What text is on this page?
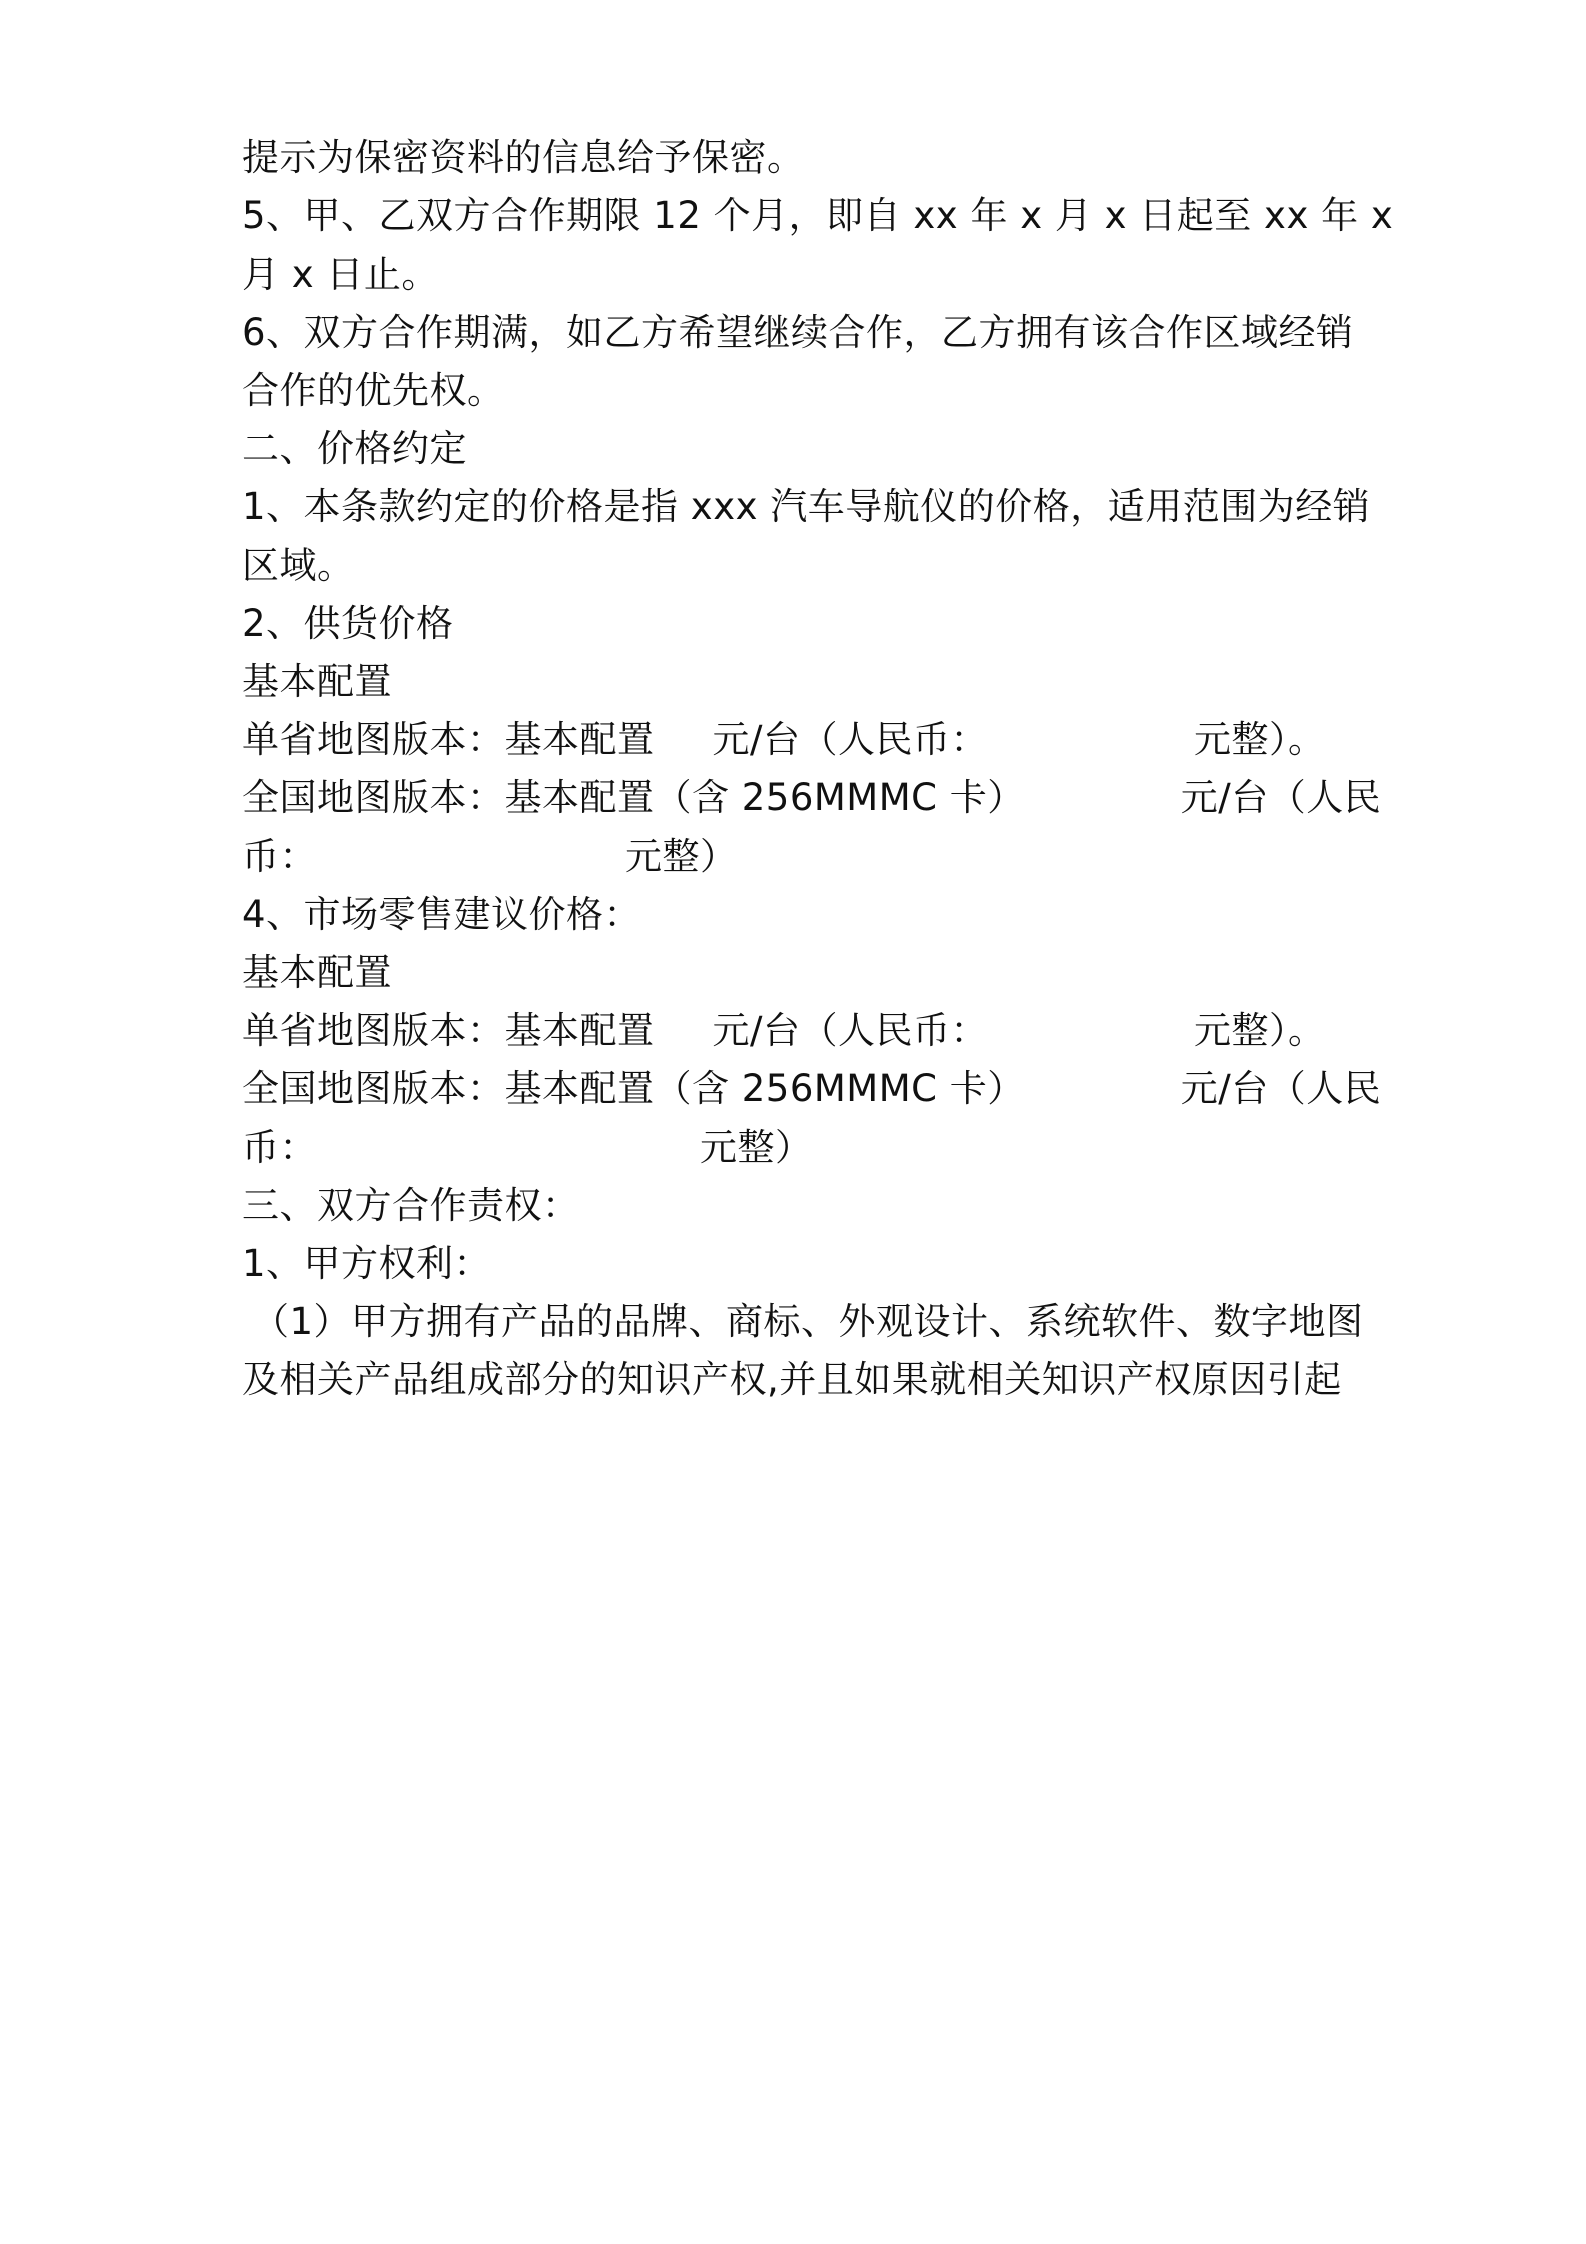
提示为保密资料的信息给予保密。
5、甲、乙双方合作期限 12 个月，即自 xx 年 x 月 x 日起至 xx 年 x
月 x 日止。
6、双方合作期满，如乙方希望继续合作，乙方拥有该合作区域经销
合作的优先权。
二、价格约定
1、本条款约定的价格是指 xxx 汽车导航仪的价格，适用范围为经销
区域。
2、供货价格
基本配置
单省地图版本：基本配置 元/台（人民币：	元整）。
全国地图版本：基本配置（含 256MMMC 卡）	元/台（人民
币：	元整）
4、市场零售建议价格：
基本配置
单省地图版本：基本配置 元/台（人民币：	元整）。
全国地图版本：基本配置（含 256MMMC 卡）	元/台（人民
币：	元整）
三、双方合作责权：
1、甲方权利：
（1）甲方拥有产品的品牌、商标、外观设计、系统软件、数字地图
及相关产品组成部分的知识产权,并且如果就相关知识产权原因引起
